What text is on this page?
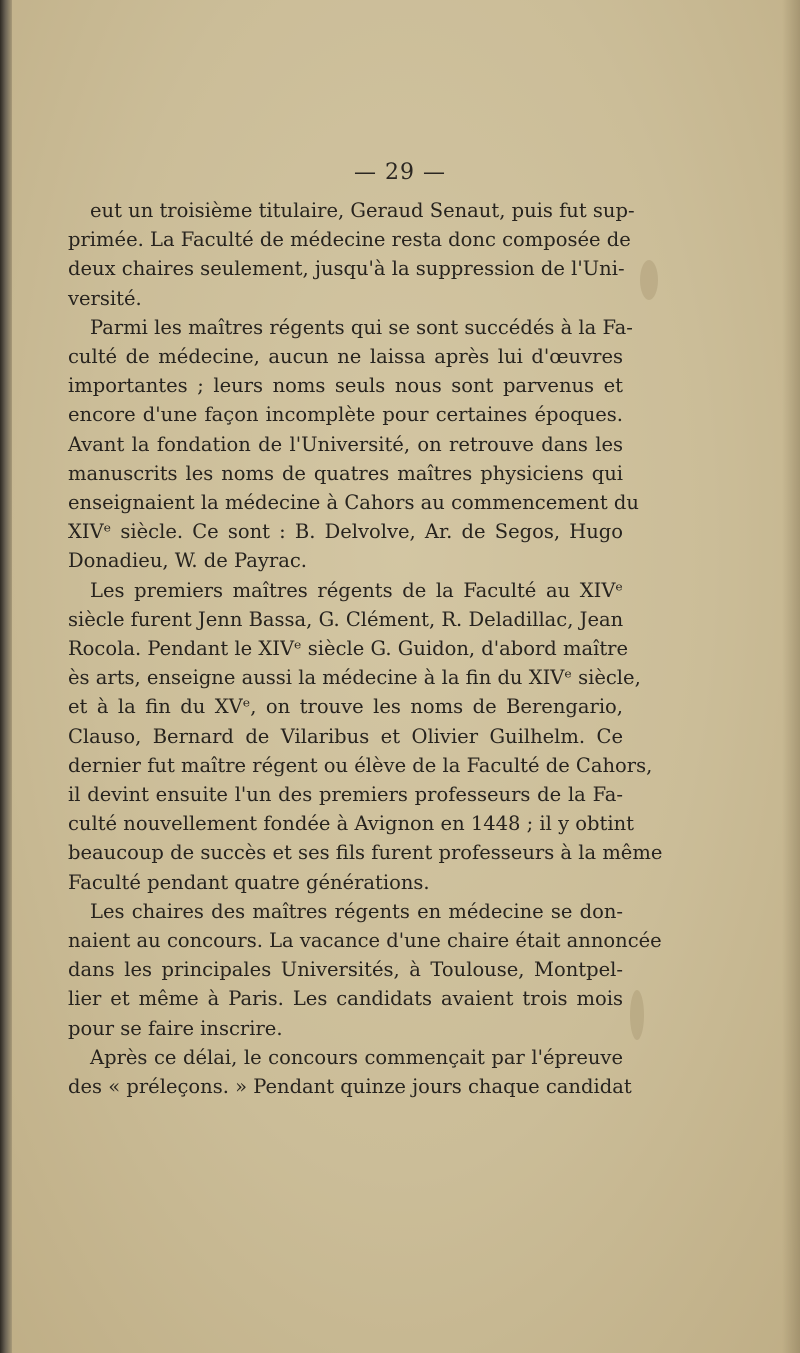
— 29 —

eut un troisième titulaire, Geraud Senaut, puis fut sup-
primée. La Faculté de médecine resta donc composée de
deux chaires seulement, jusqu'à la suppression de l'Uni-
versité.

Parmi les maîtres régents qui se sont succédés à la Fa-
culté de médecine, aucun ne laissa après lui d'œuvres
importantes ; leurs noms seuls nous sont parvenus et
encore d'une façon incomplète pour certaines époques.
Avant la fondation de l'Université, on retrouve dans les
manuscrits les noms de quatres maîtres physiciens qui
enseignaient la médecine à Cahors au commencement du
XIVᵉ siècle. Ce sont : B. Delvolve, Ar. de Segos, Hugo
Donadieu, W. de Payrac.

Les premiers maîtres régents de la Faculté au XIVᵉ
siècle furent Jenn Bassa, G. Clément, R. Deladillac, Jean
Rocola. Pendant le XIVᵉ siècle G. Guidon, d'abord maître
ès arts, enseigne aussi la médecine à la fin du XIVᵉ siècle,
et à la fin du XVᵉ, on trouve les noms de Berengario,
Clauso, Bernard de Vilaribus et Olivier Guilhelm. Ce
dernier fut maître régent ou élève de la Faculté de Cahors,
il devint ensuite l'un des premiers professeurs de la Fa-
culté nouvellement fondée à Avignon en 1448 ; il y obtint
beaucoup de succès et ses fils furent professeurs à la même
Faculté pendant quatre générations.

Les chaires des maîtres régents en médecine se don-
naient au concours. La vacance d'une chaire était annoncée
dans les principales Universités, à Toulouse, Montpel-
lier et même à Paris. Les candidats avaient trois mois
pour se faire inscrire.

Après ce délai, le concours commençait par l'épreuve
des « préleçons. » Pendant quinze jours chaque candidat
